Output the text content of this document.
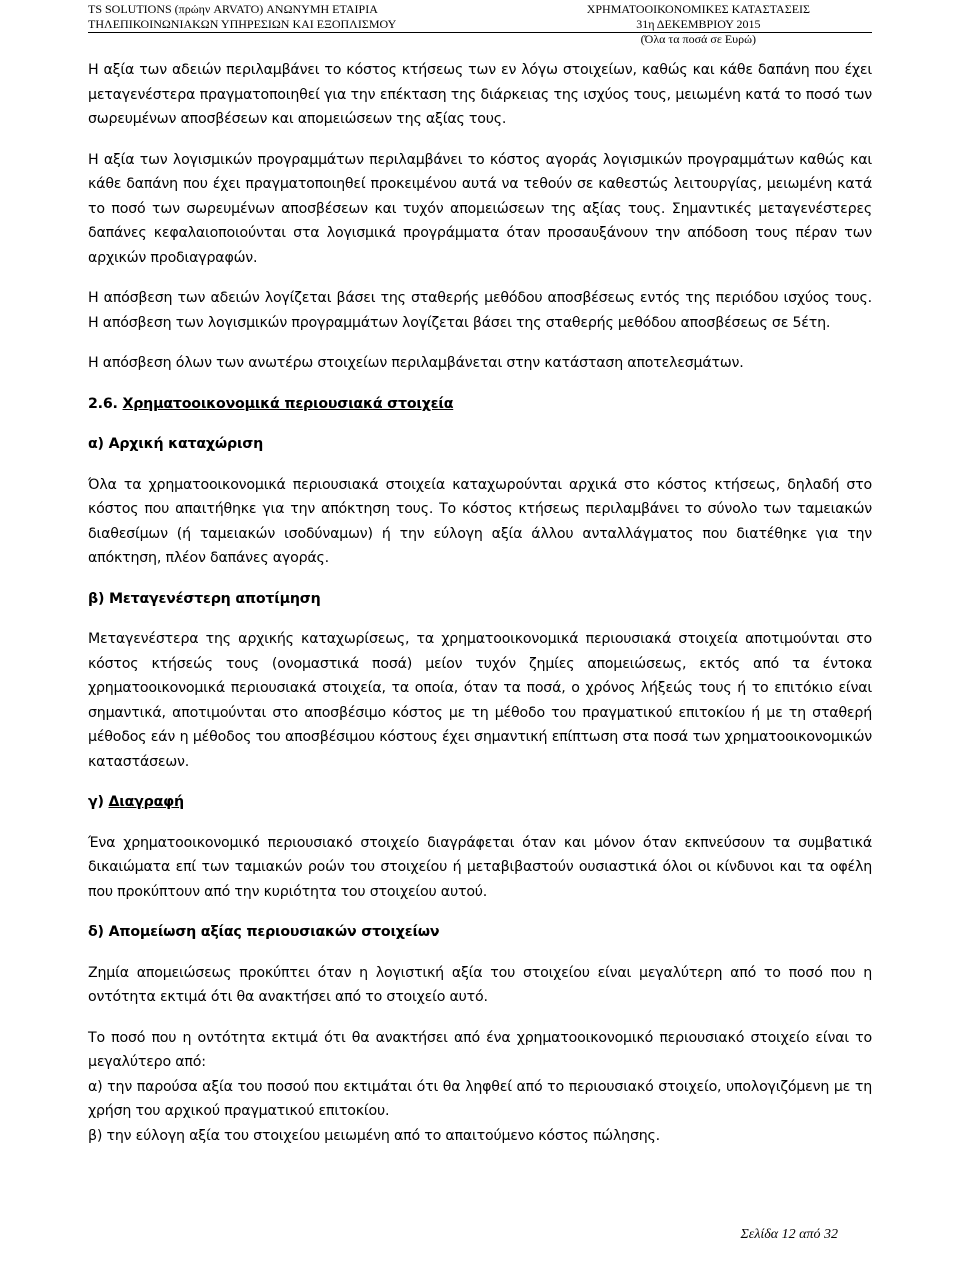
TS SOLUTIONS (πρώην ARVATO) ΑΝΩΝΥΜΗ ΕΤΑΙΡΙΑ
ΤΗΛΕΠΙΚΟΙΝΩΝΙΑΚΩΝ ΥΠΗΡΕΣΙΩΝ ΚΑΙ ΕΞΟΠΛΙΣΜΟΥ
ΧΡΗΜΑΤΟΟΙΚΟΝΟΜΙΚΕΣ ΚΑΤΑΣΤΑΣΕΙΣ
31η ΔΕΚΕΜΒΡΙΟΥ 2015
(Όλα τα ποσά σε Ευρώ)

Η αξία των αδειών περιλαμβάνει το κόστος κτήσεως των εν λόγω στοιχείων, καθώς και κάθε δαπάνη που έχει μεταγενέστερα πραγματοποιηθεί για την επέκταση της διάρκειας της ισχύος τους, μειωμένη κατά το ποσό των σωρευμένων αποσβέσεων και απομειώσεων της αξίας τους.

Η αξία των λογισμικών προγραμμάτων περιλαμβάνει το κόστος αγοράς λογισμικών προγραμμάτων καθώς και κάθε δαπάνη που έχει πραγματοποιηθεί προκειμένου αυτά να τεθούν σε καθεστώς λειτουργίας, μειωμένη κατά το ποσό των σωρευμένων αποσβέσεων και τυχόν απομειώσεων της αξίας τους. Σημαντικές μεταγενέστερες δαπάνες κεφαλαιοποιούνται στα λογισμικά προγράμματα όταν προσαυξάνουν την απόδοση τους πέραν των αρχικών προδιαγραφών.

Η απόσβεση των αδειών λογίζεται βάσει της σταθερής μεθόδου αποσβέσεως εντός της περιόδου ισχύος τους. Η απόσβεση των λογισμικών προγραμμάτων λογίζεται βάσει της σταθερής μεθόδου αποσβέσεως σε 5έτη.

Η απόσβεση όλων των ανωτέρω στοιχείων περιλαμβάνεται στην κατάσταση αποτελεσμάτων.

2.6. Χρηματοοικονομικά περιουσιακά στοιχεία

α) Αρχική καταχώριση

Όλα τα χρηματοοικονομικά περιουσιακά στοιχεία καταχωρούνται αρχικά στο κόστος κτήσεως, δηλαδή στο κόστος που απαιτήθηκε για την απόκτηση τους. Το κόστος κτήσεως περιλαμβάνει το σύνολο των ταμειακών διαθεσίμων (ή ταμειακών ισοδύναμων) ή την εύλογη αξία άλλου ανταλλάγματος που διατέθηκε για την απόκτηση, πλέον δαπάνες αγοράς.

β) Μεταγενέστερη αποτίμηση

Μεταγενέστερα της αρχικής καταχωρίσεως, τα χρηματοοικονομικά περιουσιακά στοιχεία αποτιμούνται στο κόστος κτήσεώς τους (ονομαστικά ποσά) μείον τυχόν ζημίες απομειώσεως, εκτός από τα έντοκα χρηματοοικονομικά περιουσιακά στοιχεία, τα οποία, όταν τα ποσά, ο χρόνος λήξεώς τους ή το επιτόκιο είναι σημαντικά, αποτιμούνται στο αποσβέσιμο κόστος με τη μέθοδο του πραγματικού επιτοκίου ή με τη σταθερή μέθοδος εάν η μέθοδος του αποσβέσιμου κόστους έχει σημαντική επίπτωση στα ποσά των χρηματοοικονομικών καταστάσεων.

γ) Διαγραφή

Ένα χρηματοοικονομικό περιουσιακό στοιχείο διαγράφεται όταν και μόνον όταν εκπνεύσουν τα συμβατικά δικαιώματα επί των ταμιακών ροών του στοιχείου ή μεταβιβαστούν ουσιαστικά όλοι οι κίνδυνοι και τα οφέλη που προκύπτουν από την κυριότητα του στοιχείου αυτού.

δ) Απομείωση αξίας περιουσιακών στοιχείων

Ζημία απομειώσεως προκύπτει όταν η λογιστική αξία του στοιχείου είναι μεγαλύτερη από το ποσό που η οντότητα εκτιμά ότι θα ανακτήσει από το στοιχείο αυτό.

Το ποσό που η οντότητα εκτιμά ότι θα ανακτήσει από ένα χρηματοοικονομικό περιουσιακό στοιχείο είναι το μεγαλύτερο από:

α) την παρούσα αξία του ποσού που εκτιμάται ότι θα ληφθεί από το περιουσιακό στοιχείο, υπολογιζόμενη με τη χρήση του αρχικού πραγματικού επιτοκίου.

β) την εύλογη αξία του στοιχείου μειωμένη από το απαιτούμενο κόστος πώλησης.

Σελίδα 12 από 32
